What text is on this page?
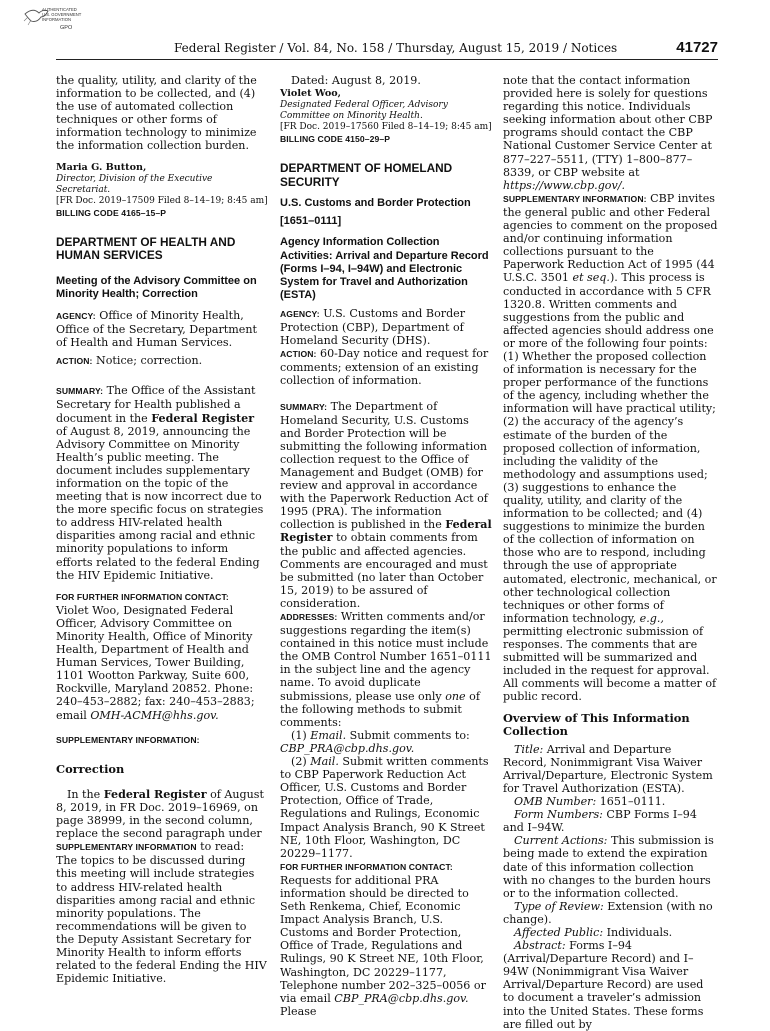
AUTHENTICATED
U.S. GOVERNMENT
INFORMATION
GPO
Federal Register / Vol. 84, No. 158 / Thursday, August 15, 2019 / Notices	41727

the quality, utility, and clarity of the information to be collected, and (4) the use of automated collection techniques or other forms of information technology to minimize the information collection burden.

Maria G. Button,

Director, Division of the Executive Secretariat.

[FR Doc. 2019–17509 Filed 8–14–19; 8:45 am]

BILLING CODE 4165–15–P

DEPARTMENT OF HEALTH AND HUMAN SERVICES

Meeting of the Advisory Committee on Minority Health; Correction

AGENCY: Office of Minority Health, Office of the Secretary, Department of Health and Human Services.

ACTION: Notice; correction.

SUMMARY: The Office of the Assistant Secretary for Health published a document in the Federal Register of August 8, 2019, announcing the Advisory Committee on Minority Health’s public meeting. The document includes supplementary information on the topic of the meeting that is now incorrect due to the more specific focus on strategies to address HIV-related health disparities among racial and ethnic minority populations to inform efforts related to the federal Ending the HIV Epidemic Initiative.

FOR FURTHER INFORMATION CONTACT:
Violet Woo, Designated Federal Officer, Advisory Committee on Minority Health, Office of Minority Health, Department of Health and Human Services, Tower Building, 1101 Wootton Parkway, Suite 600, Rockville, Maryland 20852. Phone: 240–453–2882; fax: 240–453–2883; email OMH-ACMH@hhs.gov.

SUPPLEMENTARY INFORMATION:

Correction

In the Federal Register of August 8, 2019, in FR Doc. 2019–16969, on page 38999, in the second column, replace the second paragraph under SUPPLEMENTARY INFORMATION to read: The topics to be discussed during this meeting will include strategies to address HIV-related health disparities among racial and ethnic minority populations. The recommendations will be given to the Deputy Assistant Secretary for Minority Health to inform efforts related to the federal Ending the HIV Epidemic Initiative.

Dated: August 8, 2019.

Violet Woo,

Designated Federal Officer, Advisory Committee on Minority Health.

[FR Doc. 2019–17560 Filed 8–14–19; 8:45 am]

BILLING CODE 4150–29–P

DEPARTMENT OF HOMELAND SECURITY

U.S. Customs and Border Protection

[1651–0111]

Agency Information Collection Activities: Arrival and Departure Record (Forms I–94, I–94W) and Electronic System for Travel and Authorization (ESTA)

AGENCY: U.S. Customs and Border Protection (CBP), Department of Homeland Security (DHS).

ACTION: 60-Day notice and request for comments; extension of an existing collection of information.

SUMMARY: The Department of Homeland Security, U.S. Customs and Border Protection will be submitting the following information collection request to the Office of Management and Budget (OMB) for review and approval in accordance with the Paperwork Reduction Act of 1995 (PRA). The information collection is published in the Federal Register to obtain comments from the public and affected agencies. Comments are encouraged and must be submitted (no later than October 15, 2019) to be assured of consideration.

ADDRESSES: Written comments and/or suggestions regarding the item(s) contained in this notice must include the OMB Control Number 1651–0111 in the subject line and the agency name. To avoid duplicate submissions, please use only one of the following methods to submit comments:

(1) Email. Submit comments to: CBP_PRA@cbp.dhs.gov.

(2) Mail. Submit written comments to CBP Paperwork Reduction Act Officer, U.S. Customs and Border Protection, Office of Trade, Regulations and Rulings, Economic Impact Analysis Branch, 90 K Street NE, 10th Floor, Washington, DC 20229–1177.

FOR FURTHER INFORMATION CONTACT:
Requests for additional PRA information should be directed to Seth Renkema, Chief, Economic Impact Analysis Branch, U.S. Customs and Border Protection, Office of Trade, Regulations and Rulings, 90 K Street NE, 10th Floor, Washington, DC 20229–1177, Telephone number 202–325–0056 or via email CBP_PRA@cbp.dhs.gov. Please

note that the contact information provided here is solely for questions regarding this notice. Individuals seeking information about other CBP programs should contact the CBP National Customer Service Center at 877–227–5511, (TTY) 1–800–877–8339, or CBP website at https://www.cbp.gov/.

SUPPLEMENTARY INFORMATION: CBP invites the general public and other Federal agencies to comment on the proposed and/or continuing information collections pursuant to the Paperwork Reduction Act of 1995 (44 U.S.C. 3501 et seq.). This process is conducted in accordance with 5 CFR 1320.8. Written comments and suggestions from the public and affected agencies should address one or more of the following four points: (1) Whether the proposed collection of information is necessary for the proper performance of the functions of the agency, including whether the information will have practical utility; (2) the accuracy of the agency’s estimate of the burden of the proposed collection of information, including the validity of the methodology and assumptions used; (3) suggestions to enhance the quality, utility, and clarity of the information to be collected; and (4) suggestions to minimize the burden of the collection of information on those who are to respond, including through the use of appropriate automated, electronic, mechanical, or other technological collection techniques or other forms of information technology, e.g., permitting electronic submission of responses. The comments that are submitted will be summarized and included in the request for approval. All comments will become a matter of public record.

Overview of This Information Collection

Title: Arrival and Departure Record, Nonimmigrant Visa Waiver Arrival/Departure, Electronic System for Travel Authorization (ESTA).

OMB Number: 1651–0111.

Form Numbers: CBP Forms I–94 and I–94W.

Current Actions: This submission is being made to extend the expiration date of this information collection with no changes to the burden hours or to the information collected.

Type of Review: Extension (with no change).

Affected Public: Individuals.

Abstract: Forms I–94 (Arrival/Departure Record) and I–94W (Nonimmigrant Visa Waiver Arrival/Departure Record) are used to document a traveler’s admission into the United States. These forms are filled out by
